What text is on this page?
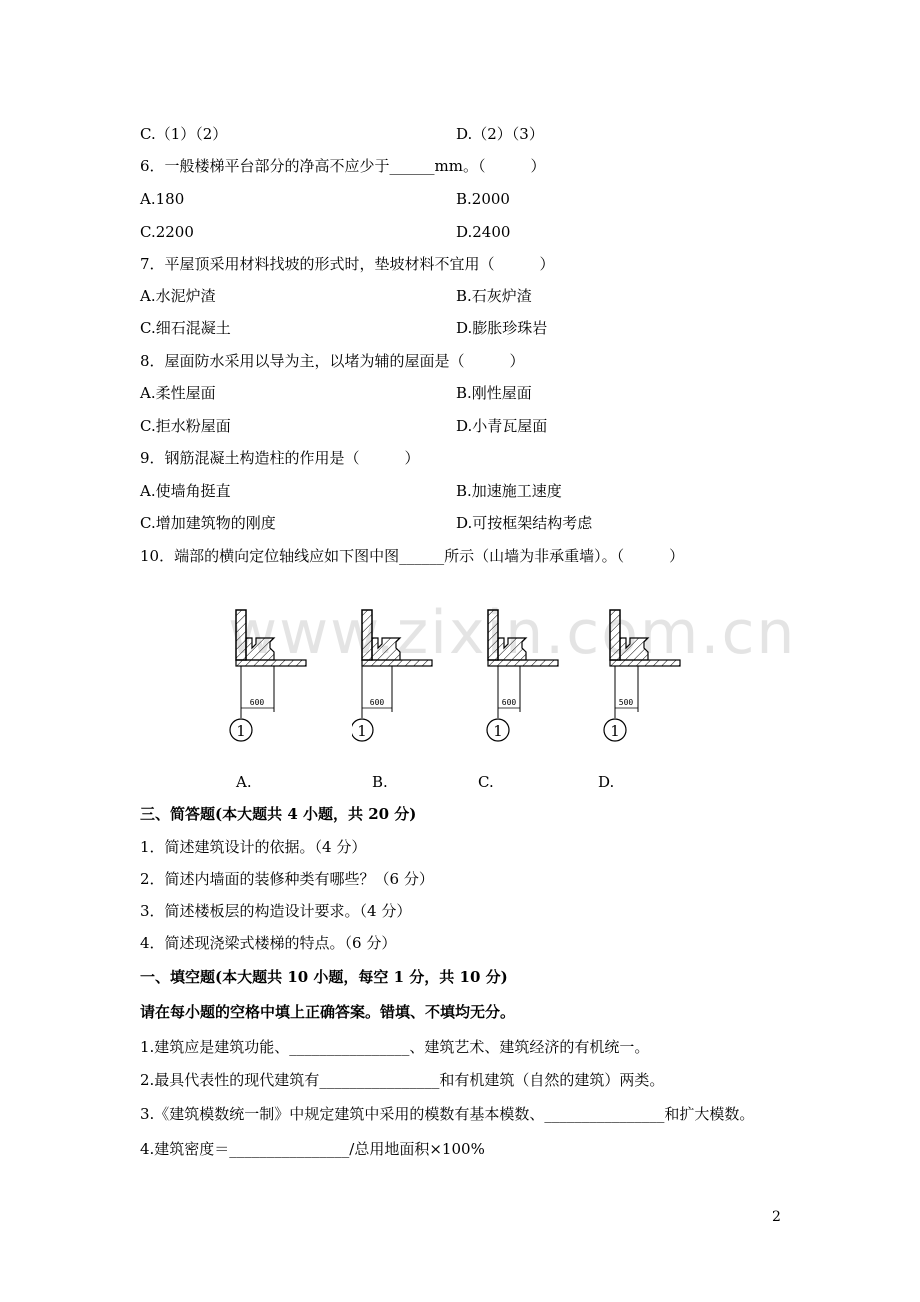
C.（1）（2）	D.（2）（3）
6．一般楼梯平台部分的净高不应少于______mm。（　　　）
A.180	B.2000
C.2200	D.2400
7．平屋顶采用材料找坡的形式时，垫坡材料不宜用（　　　）
A.水泥炉渣	B.石灰炉渣
C.细石混凝土	D.膨胀珍珠岩
8．屋面防水采用以导为主，以堵为辅的屋面是（　　　）
A.柔性屋面	B.刚性屋面
C.拒水粉屋面	D.小青瓦屋面
9．钢筋混凝土构造柱的作用是（　　　）
A.使墙角挺直	B.加速施工速度
C.增加建筑物的刚度	D.可按框架结构考虑
10．端部的横向定位轴线应如下图中图______所示（山墙为非承重墙）。（　　　）
600
1
600
1
600
1
500
1
www.zixin.com.cn
A.	B.	C.	D.
三、简答题(本大题共 4 小题，共 20 分)
1．简述建筑设计的依据。（4 分）
2．简述内墙面的装修种类有哪些？（6 分）
3．简述楼板层的构造设计要求。（4 分）
4．简述现浇梁式楼梯的特点。（6 分）
一、填空题(本大题共 10 小题，每空 1 分，共 10 分)
请在每小题的空格中填上正确答案。错填、不填均无分。
1.建筑应是建筑功能、________________、建筑艺术、建筑经济的有机统一。
2.最具代表性的现代建筑有________________和有机建筑（自然的建筑）两类。
3.《建筑模数统一制》中规定建筑中采用的模数有基本模数、________________和扩大模数。
4.建筑密度＝________________/总用地面积×100%
2
